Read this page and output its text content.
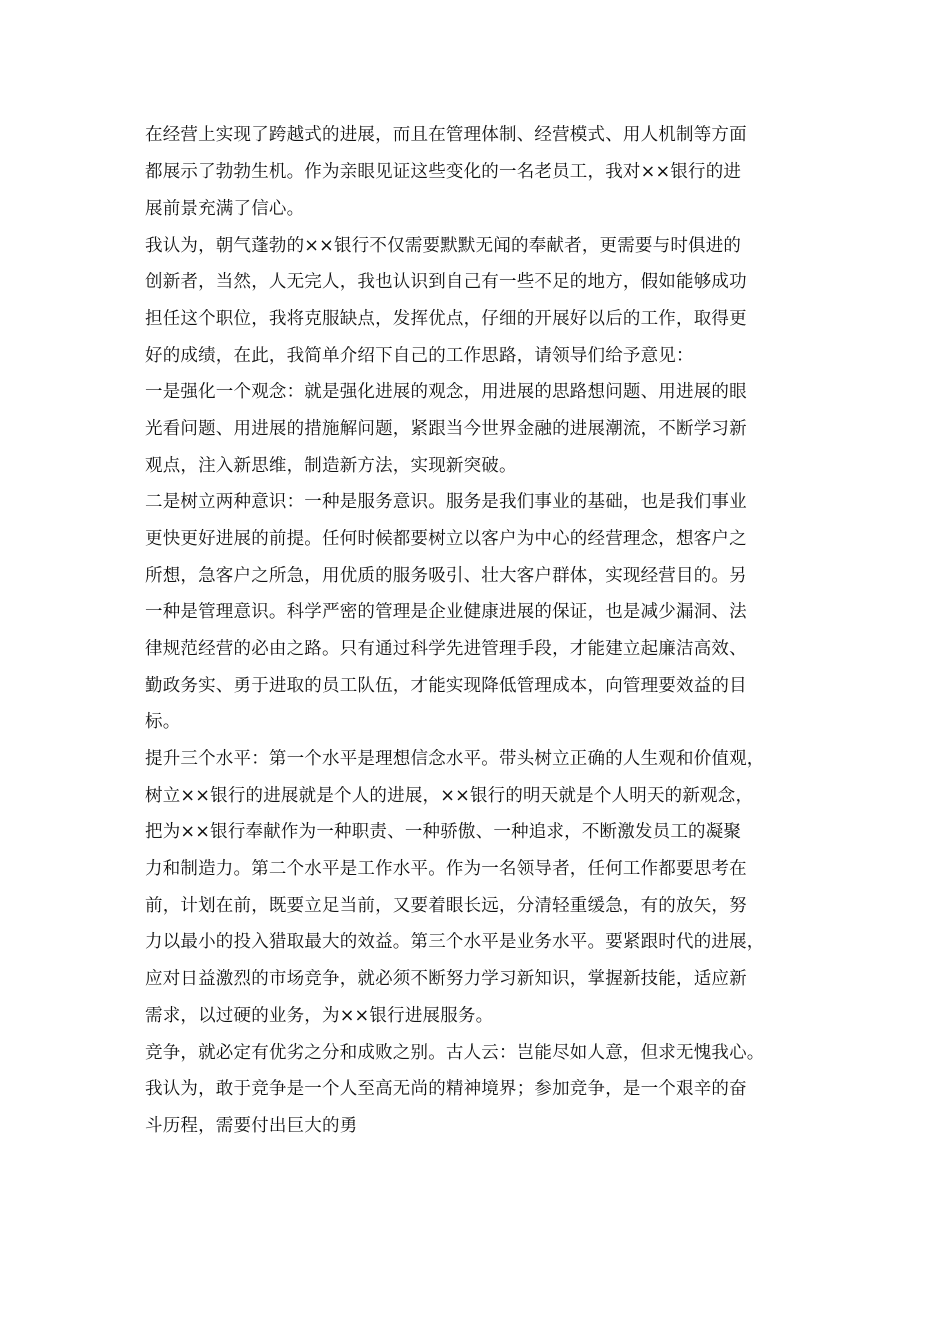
在经营上实现了跨越式的进展，而且在管理体制、经营模式、用人机制等方面
都展示了勃勃生机。作为亲眼见证这些变化的一名老员工，我对××银行的进
展前景充满了信心。
我认为，朝气蓬勃的××银行不仅需要默默无闻的奉献者，更需要与时俱进的
创新者，当然，人无完人，我也认识到自己有一些不足的地方，假如能够成功
担任这个职位，我将克服缺点，发挥优点，仔细的开展好以后的工作，取得更
好的成绩，在此，我简单介绍下自己的工作思路，请领导们给予意见：
一是强化一个观念：就是强化进展的观念，用进展的思路想问题、用进展的眼
光看问题、用进展的措施解问题，紧跟当今世界金融的进展潮流，不断学习新
观点，注入新思维，制造新方法，实现新突破。
二是树立两种意识：一种是服务意识。服务是我们事业的基础，也是我们事业
更快更好进展的前提。任何时候都要树立以客户为中心的经营理念，想客户之
所想，急客户之所急，用优质的服务吸引、壮大客户群体，实现经营目的。另
一种是管理意识。科学严密的管理是企业健康进展的保证，也是减少漏洞、法
律规范经营的必由之路。只有通过科学先进管理手段，才能建立起廉洁高效、
勤政务实、勇于进取的员工队伍，才能实现降低管理成本，向管理要效益的目
标。
提升三个水平：第一个水平是理想信念水平。带头树立正确的人生观和价值观，
树立××银行的进展就是个人的进展，××银行的明天就是个人明天的新观念，
把为××银行奉献作为一种职责、一种骄傲、一种追求，不断激发员工的凝聚
力和制造力。第二个水平是工作水平。作为一名领导者，任何工作都要思考在
前，计划在前，既要立足当前，又要着眼长远，分清轻重缓急，有的放矢，努
力以最小的投入猎取最大的效益。第三个水平是业务水平。要紧跟时代的进展，
应对日益激烈的市场竞争，就必须不断努力学习新知识，掌握新技能，适应新
需求，以过硬的业务，为××银行进展服务。
竞争，就必定有优劣之分和成败之别。古人云：岂能尽如人意，但求无愧我心。
我认为，敢于竞争是一个人至高无尚的精神境界；参加竞争，是一个艰辛的奋
斗历程，需要付出巨大的勇
